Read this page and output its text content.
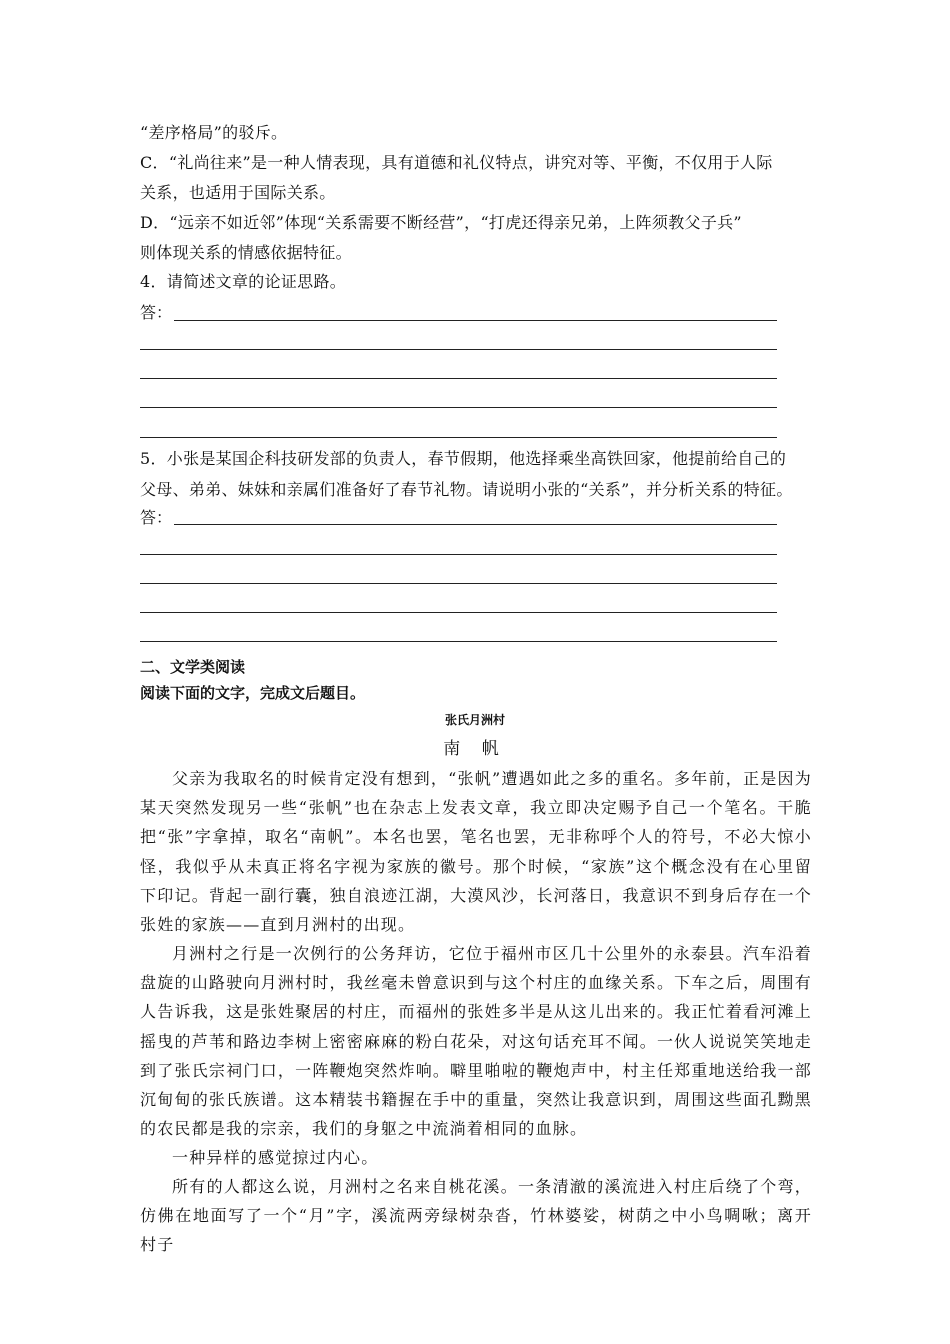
“差序格局”的驳斥。
C．“礼尚往来”是一种人情表现，具有道德和礼仪特点，讲究对等、平衡，不仅用于人际
关系，也适用于国际关系。
D．“远亲不如近邻”体现“关系需要不断经营”，“打虎还得亲兄弟，上阵须教父子兵”
则体现关系的情感依据特征。
4．请简述文章的论证思路。
答：
5．小张是某国企科技研发部的负责人，春节假期，他选择乘坐高铁回家，他提前给自己的
父母、弟弟、妹妹和亲属们准备好了春节礼物。请说明小张的“关系”，并分析关系的特征。
答：
二、文学类阅读
阅读下面的文字，完成文后题目。
张氏月洲村
南 帆
父亲为我取名的时候肯定没有想到，“张帆”遭遇如此之多的重名。多年前，正是因为某天突然发现另一些“张帆”也在杂志上发表文章，我立即决定赐予自己一个笔名。干脆把“张”字拿掉，取名“南帆”。本名也罢，笔名也罢，无非称呼个人的符号，不必大惊小怪，我似乎从未真正将名字视为家族的徽号。那个时候，“家族”这个概念没有在心里留下印记。背起一副行囊，独自浪迹江湖，大漠风沙，长河落日，我意识不到身后存在一个张姓的家族——直到月洲村的出现。
月洲村之行是一次例行的公务拜访，它位于福州市区几十公里外的永泰县。汽车沿着盘旋的山路驶向月洲村时，我丝毫未曾意识到与这个村庄的血缘关系。下车之后，周围有人告诉我，这是张姓聚居的村庄，而福州的张姓多半是从这儿出来的。我正忙着看河滩上摇曳的芦苇和路边李树上密密麻麻的粉白花朵，对这句话充耳不闻。一伙人说说笑笑地走到了张氏宗祠门口，一阵鞭炮突然炸响。噼里啪啦的鞭炮声中，村主任郑重地送给我一部沉甸甸的张氏族谱。这本精装书籍握在手中的重量，突然让我意识到，周围这些面孔黝黑的农民都是我的宗亲，我们的身躯之中流淌着相同的血脉。
一种异样的感觉掠过内心。
所有的人都这么说，月洲村之名来自桃花溪。一条清澈的溪流进入村庄后绕了个弯，仿佛在地面写了一个“月”字，溪流两旁绿树杂沓，竹林婆娑，树荫之中小鸟啁啾；离开村子
